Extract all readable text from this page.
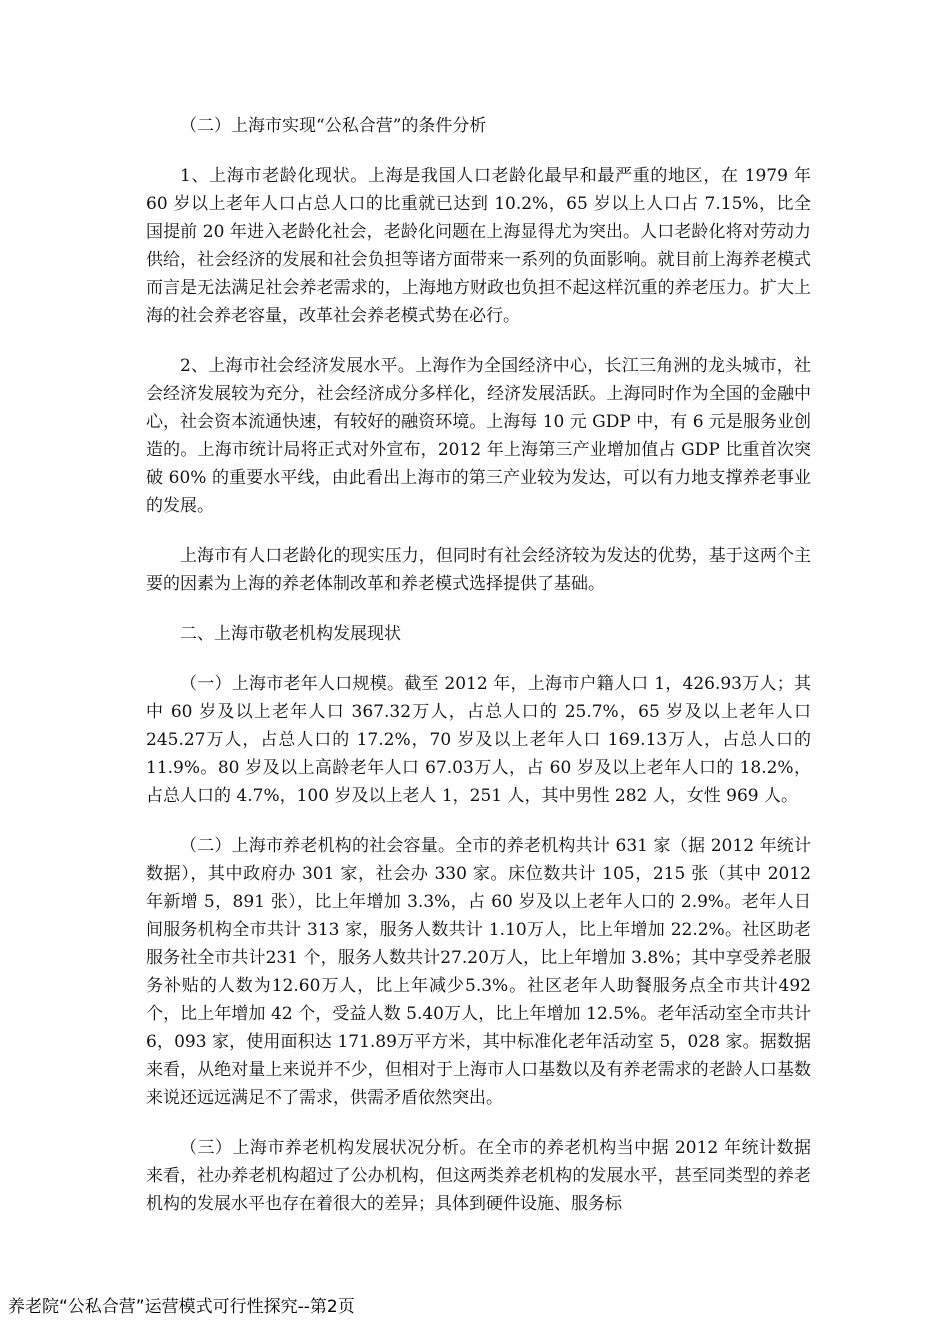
（二）上海市实现“公私合营”的条件分析

1、上海市老龄化现状。上海是我国人口老龄化最早和最严重的地区，在 1979 年 60 岁以上老年人口占总人口的比重就已达到 10.2%，65 岁以上人口占 7.15%，比全国提前 20 年进入老龄化社会，老龄化问题在上海显得尤为突出。人口老龄化将对劳动力供给，社会经济的发展和社会负担等诸方面带来一系列的负面影响。就目前上海养老模式而言是无法满足社会养老需求的，上海地方财政也负担不起这样沉重的养老压力。扩大上海的社会养老容量，改革社会养老模式势在必行。

2、上海市社会经济发展水平。上海作为全国经济中心，长江三角洲的龙头城市，社会经济发展较为充分，社会经济成分多样化，经济发展活跃。上海同时作为全国的金融中心，社会资本流通快速，有较好的融资环境。上海每 10 元 GDP 中，有 6 元是服务业创造的。上海市统计局将正式对外宣布，2012 年上海第三产业增加值占 GDP 比重首次突破 60% 的重要水平线，由此看出上海市的第三产业较为发达，可以有力地支撑养老事业的发展。

上海市有人口老龄化的现实压力，但同时有社会经济较为发达的优势，基于这两个主要的因素为上海的养老体制改革和养老模式选择提供了基础。

二、上海市敬老机构发展现状

（一）上海市老年人口规模。截至 2012 年，上海市户籍人口 1，426.93万人；其中 60 岁及以上老年人口 367.32万人，占总人口的 25.7%，65 岁及以上老年人口 245.27万人，占总人口的 17.2%，70 岁及以上老年人口 169.13万人，占总人口的 11.9%。80 岁及以上高龄老年人口 67.03万人，占 60 岁及以上老年人口的 18.2%，占总人口的 4.7%，100 岁及以上老人 1，251 人，其中男性 282 人，女性 969 人。

（二）上海市养老机构的社会容量。全市的养老机构共计 631 家（据 2012 年统计数据），其中政府办 301 家，社会办 330 家。床位数共计 105，215 张（其中 2012 年新增 5，891 张），比上年增加 3.3%，占 60 岁及以上老年人口的 2.9%。老年人日间服务机构全市共计 313 家，服务人数共计 1.10万人，比上年增加 22.2%。社区助老服务社全市共计231 个，服务人数共计27.20万人，比上年增加 3.8%；其中享受养老服务补贴的人数为12.60万人，比上年减少5.3%。社区老年人助餐服务点全市共计492 个，比上年增加 42 个，受益人数 5.40万人，比上年增加 12.5%。老年活动室全市共计6，093 家，使用面积达 171.89万平方米，其中标准化老年活动室 5，028 家。据数据来看，从绝对量上来说并不少，但相对于上海市人口基数以及有养老需求的老龄人口基数来说还远远满足不了需求，供需矛盾依然突出。

（三）上海市养老机构发展状况分析。在全市的养老机构当中据 2012 年统计数据来看，社办养老机构超过了公办机构，但这两类养老机构的发展水平，甚至同类型的养老机构的发展水平也存在着很大的差异；具体到硬件设施、服务标

养老院“公私合营”运营模式可行性探究--第2页
